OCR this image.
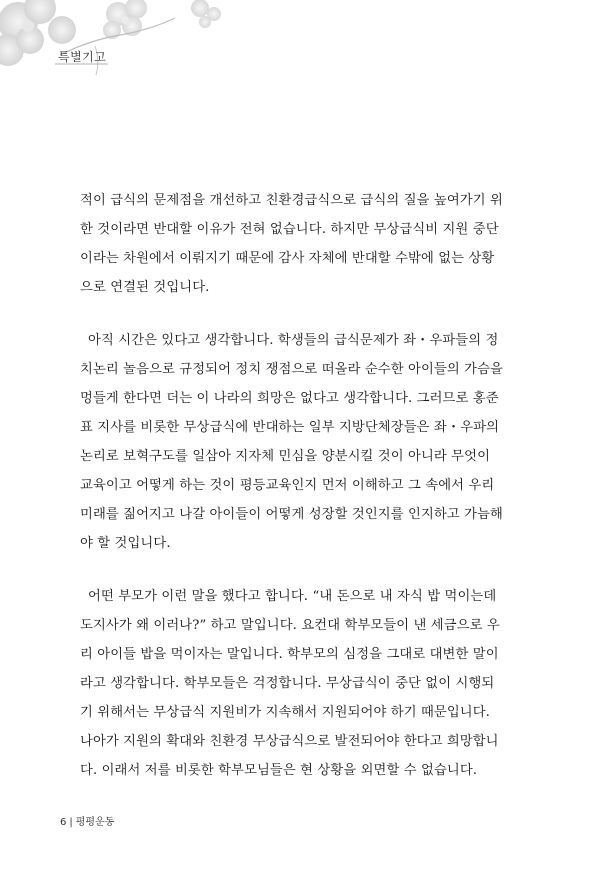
특별기고

적이 급식의 문제점을 개선하고 친환경급식으로 급식의 질을 높여가기 위
한 것이라면 반대할 이유가 전혀 없습니다. 하지만 무상급식비 지원 중단
이라는 차원에서 이뤄지기 때문에 감사 자체에 반대할 수밖에 없는 상황
으로 연결된 것입니다.

아직 시간은 있다고 생각합니다. 학생들의 급식문제가 좌・우파들의 정
치논리 놀음으로 규정되어 정치 쟁점으로 떠올라 순수한 아이들의 가슴을
멍들게 한다면 더는 이 나라의 희망은 없다고 생각합니다. 그러므로 홍준
표 지사를 비롯한 무상급식에 반대하는 일부 지방단체장들은 좌・우파의
논리로 보혁구도를 일삼아 지자체 민심을 양분시킬 것이 아니라 무엇이
교육이고 어떻게 하는 것이 평등교육인지 먼저 이해하고 그 속에서 우리
미래를 짊어지고 나갈 아이들이 어떻게 성장할 것인지를 인지하고 가늠해
야 할 것입니다.

어떤 부모가 이런 말을 했다고 합니다. “내 돈으로 내 자식 밥 먹이는데
도지사가 왜 이러나?” 하고 말입니다. 요컨대 학부모들이 낸 세금으로 우
리 아이들 밥을 먹이자는 말입니다. 학부모의 심정을 그대로 대변한 말이
라고 생각합니다. 학부모들은 걱정합니다. 무상급식이 중단 없이 시행되
기 위해서는 무상급식 지원비가 지속해서 지원되어야 하기 때문입니다.
나아가 지원의 확대와 친환경 무상급식으로 발전되어야 한다고 희망합니
다. 이래서 저를 비롯한 학부모님들은 현 상황을 외면할 수 없습니다.

6 | 평평운동
